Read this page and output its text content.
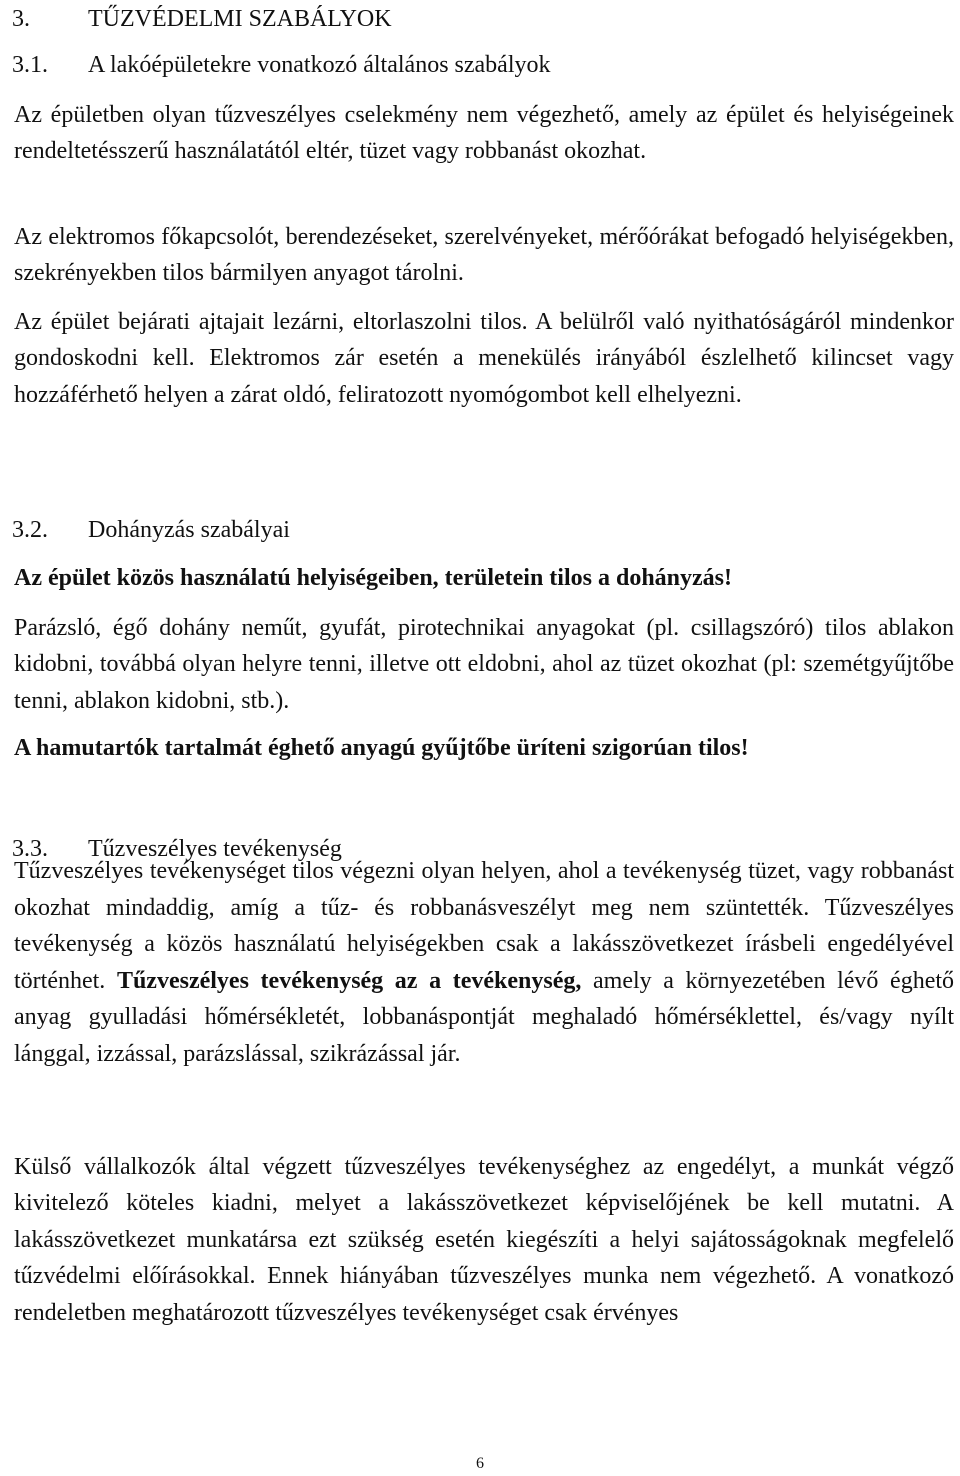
3. TŰZVÉDELMI SZABÁLYOK
3.1. A lakóépületekre vonatkozó általános szabályok

Az épületben olyan tűzveszélyes cselekmény nem végezhető, amely az épület és helyiségeinek rendeltetésszerű használatától eltér, tüzet vagy robbanást okozhat.

Az elektromos főkapcsolót, berendezéseket, szerelvényeket, mérőórákat befogadó helyiségekben, szekrényekben tilos bármilyen anyagot tárolni.

Az épület bejárati ajtajait lezárni, eltorlaszolni tilos. A belülről való nyithatóságáról mindenkor gondoskodni kell. Elektromos zár esetén a menekülés irányából észlelhető kilincset vagy hozzáférhető helyen a zárat oldó, feliratozott nyomógombot kell elhelyezni.

3.2. Dohányzás szabályai

Az épület közös használatú helyiségeiben, területein tilos a dohányzás!

Parázsló, égő dohány neműt, gyufát, pirotechnikai anyagokat (pl. csillagszóró) tilos ablakon kidobni, továbbá olyan helyre tenni, illetve ott eldobni, ahol az tüzet okozhat (pl: szemétgyűjtőbe tenni, ablakon kidobni, stb.).

A hamutartók tartalmát éghető anyagú gyűjtőbe üríteni szigorúan tilos!

3.3. Tűzveszélyes tevékenység

Tűzveszélyes tevékenységet tilos végezni olyan helyen, ahol a tevékenység tüzet, vagy robbanást okozhat mindaddig, amíg a tűz- és robbanásveszélyt meg nem szüntették. Tűzveszélyes tevékenység a közös használatú helyiségekben csak a lakásszövetkezet írásbeli engedélyével történhet. Tűzveszélyes tevékenység az a tevékenység, amely a környezetében lévő éghető anyag gyulladási hőmérsékletét, lobbanáspontját meghaladó hőmérséklettel, és/vagy nyílt lánggal, izzással, parázslással, szikrázással jár.

Külső vállalkozók által végzett tűzveszélyes tevékenységhez az engedélyt, a munkát végző kivitelező köteles kiadni, melyet a lakásszövetkezet képviselőjének be kell mutatni. A lakásszövetkezet munkatársa ezt szükség esetén kiegészíti a helyi sajátosságoknak megfelelő tűzvédelmi előírásokkal. Ennek hiányában tűzveszélyes munka nem végezhető. A vonatkozó rendeletben meghatározott tűzveszélyes tevékenységet csak érvényes

6
